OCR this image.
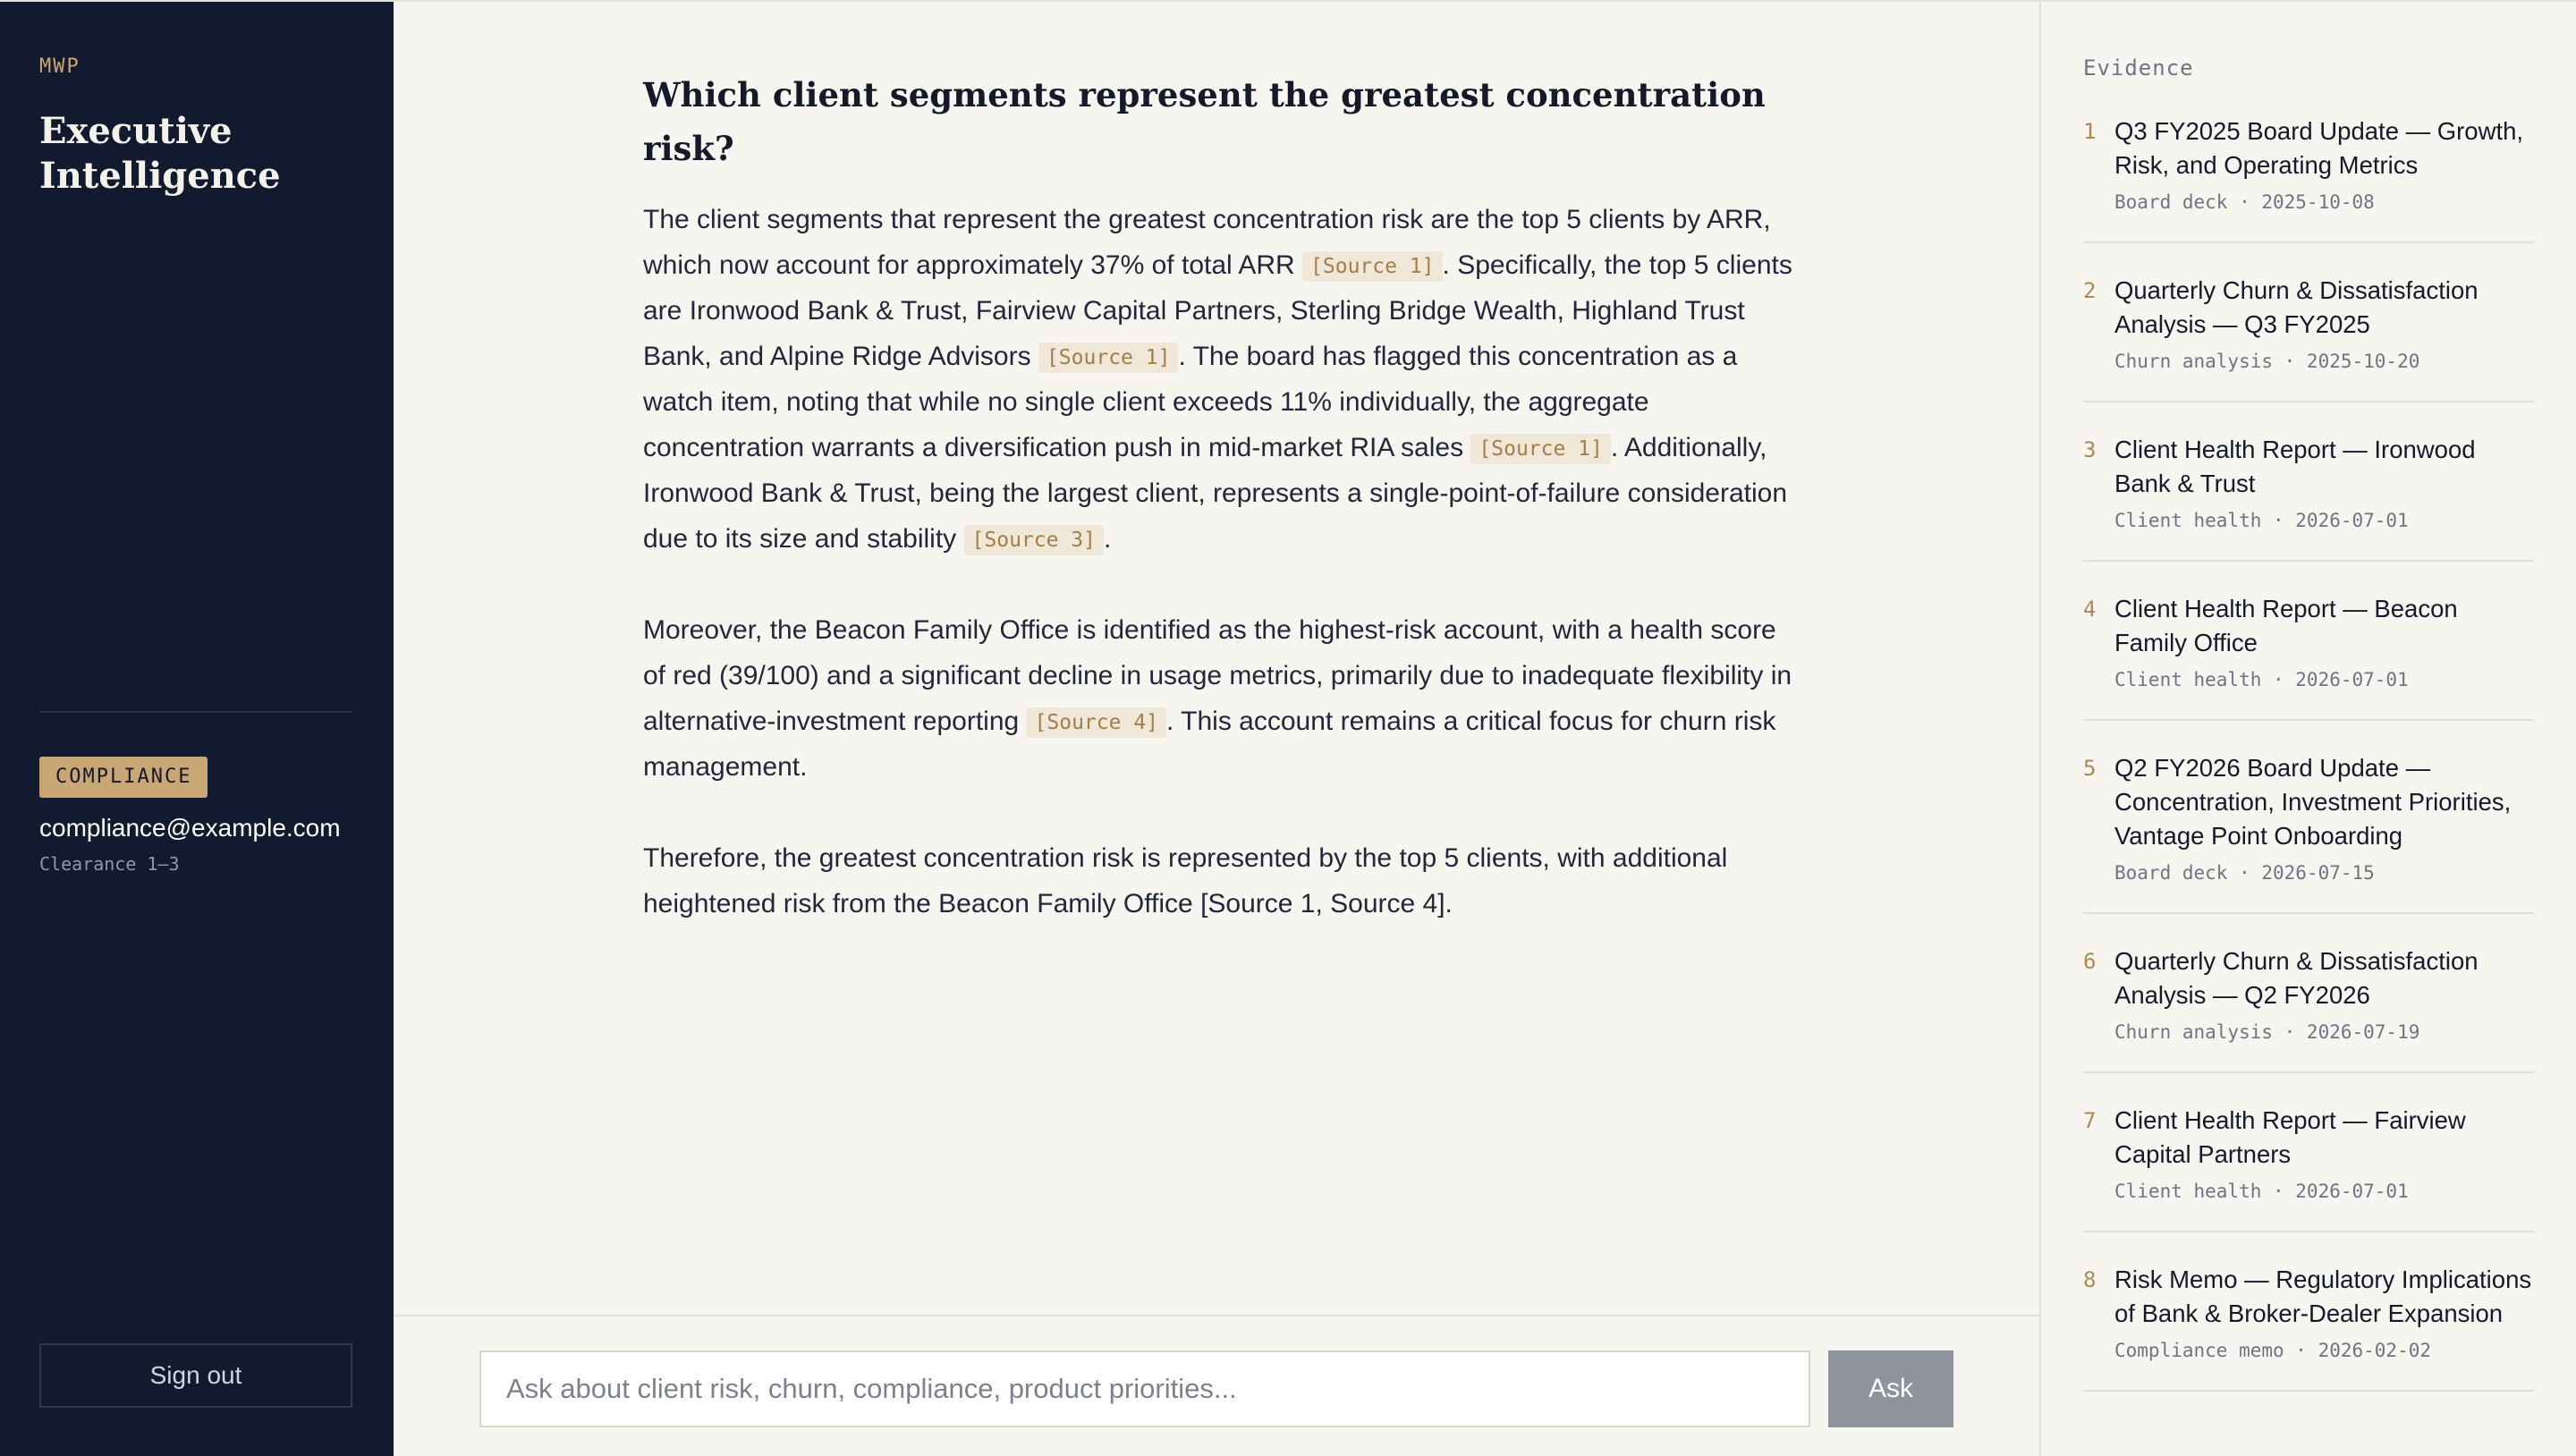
MWP
Executive Intelligence
COMPLIANCE
compliance@example.com
Clearance 1–3
Sign out
Which client segments represent the greatest concentration risk?

The client segments that represent the greatest concentration risk are the top 5 clients by ARR, which now account for approximately 37% of total ARR [Source 1] . Specifically, the top 5 clients are Ironwood Bank & Trust, Fairview Capital Partners, Sterling Bridge Wealth, Highland Trust Bank, and Alpine Ridge Advisors [Source 1] . The board has flagged this concentration as a watch item, noting that while no single client exceeds 11% individually, the aggregate concentration warrants a diversification push in mid-market RIA sales [Source 1] . Additionally, Ironwood Bank & Trust, being the largest client, represents a single-point-of-failure consideration due to its size and stability [Source 3] .

Moreover, the Beacon Family Office is identified as the highest-risk account, with a health score of red (39/100) and a significant decline in usage metrics, primarily due to inadequate flexibility in alternative-investment reporting [Source 4] . This account remains a critical focus for churn risk management.

Therefore, the greatest concentration risk is represented by the top 5 clients, with additional heightened risk from the Beacon Family Office [Source 1, Source 4].

Ask about client risk, churn, compliance, product priorities...
Ask
Evidence
1 Q3 FY2025 Board Update — Growth, Risk, and Operating Metrics
Board deck · 2025-10-08
2 Quarterly Churn & Dissatisfaction Analysis — Q3 FY2025
Churn analysis · 2025-10-20
3 Client Health Report — Ironwood Bank & Trust
Client health · 2026-07-01
4 Client Health Report — Beacon Family Office
Client health · 2026-07-01
5 Q2 FY2026 Board Update — Concentration, Investment Priorities, Vantage Point Onboarding
Board deck · 2026-07-15
6 Quarterly Churn & Dissatisfaction Analysis — Q2 FY2026
Churn analysis · 2026-07-19
7 Client Health Report — Fairview Capital Partners
Client health · 2026-07-01
8 Risk Memo — Regulatory Implications of Bank & Broker-Dealer Expansion
Compliance memo · 2026-02-02
